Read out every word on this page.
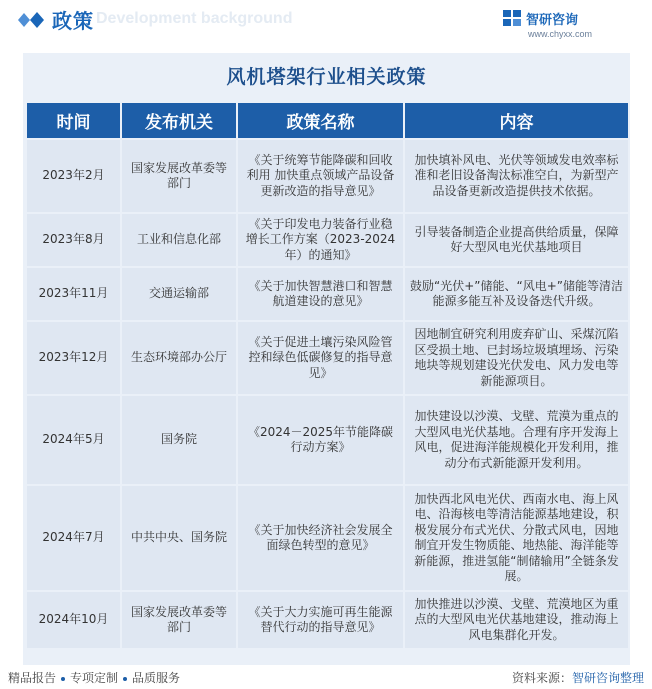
Development background
政策	智研咨询
www.chyxx.com
风机塔架行业相关政策
时间	发布机关	政策名称	内容
2023年2月	国家发展改革委等部门	《关于统筹节能降碳和回收利用 加快重点领域产品设备更新改造的指导意见》	加快填补风电、光伏等领域发电效率标准和老旧设备淘汰标准空白，为新型产品设备更新改造提供技术依据。
2023年8月	工业和信息化部	《关于印发电力装备行业稳增长工作方案（2023-2024年）的通知》	引导装备制造企业提高供给质量，保障好大型风电光伏基地项目
2023年11月	交通运输部	《关于加快智慧港口和智慧航道建设的意见》	鼓励“光伏+”储能、“风电+”储能等清洁能源多能互补及设备迭代升级。
2023年12月	生态环境部办公厅	《关于促进土壤污染风险管控和绿色低碳修复的指导意见》	因地制宜研究利用废弃矿山、采煤沉陷区受损土地、已封场垃圾填埋场、污染地块等规划建设光伏发电、风力发电等新能源项目。
2024年5月	国务院	《2024－2025年节能降碳行动方案》	加快建设以沙漠、戈壁、荒漠为重点的大型风电光伏基地。合理有序开发海上风电，促进海洋能规模化开发利用，推动分布式新能源开发利用。
2024年7月	中共中央、国务院	《关于加快经济社会发展全面绿色转型的意见》	加快西北风电光伏、西南水电、海上风电、沿海核电等清洁能源基地建设，积极发展分布式光伏、分散式风电，因地制宜开发生物质能、地热能、海洋能等新能源，推进氢能“制储输用”全链条发展。
2024年10月	国家发展改革委等部门	《关于大力实施可再生能源替代行动的指导意见》	加快推进以沙漠、戈壁、荒漠地区为重点的大型风电光伏基地建设，推动海上风电集群化开发。
精品报告 专项定制 品质服务	资料来源：智研咨询整理
